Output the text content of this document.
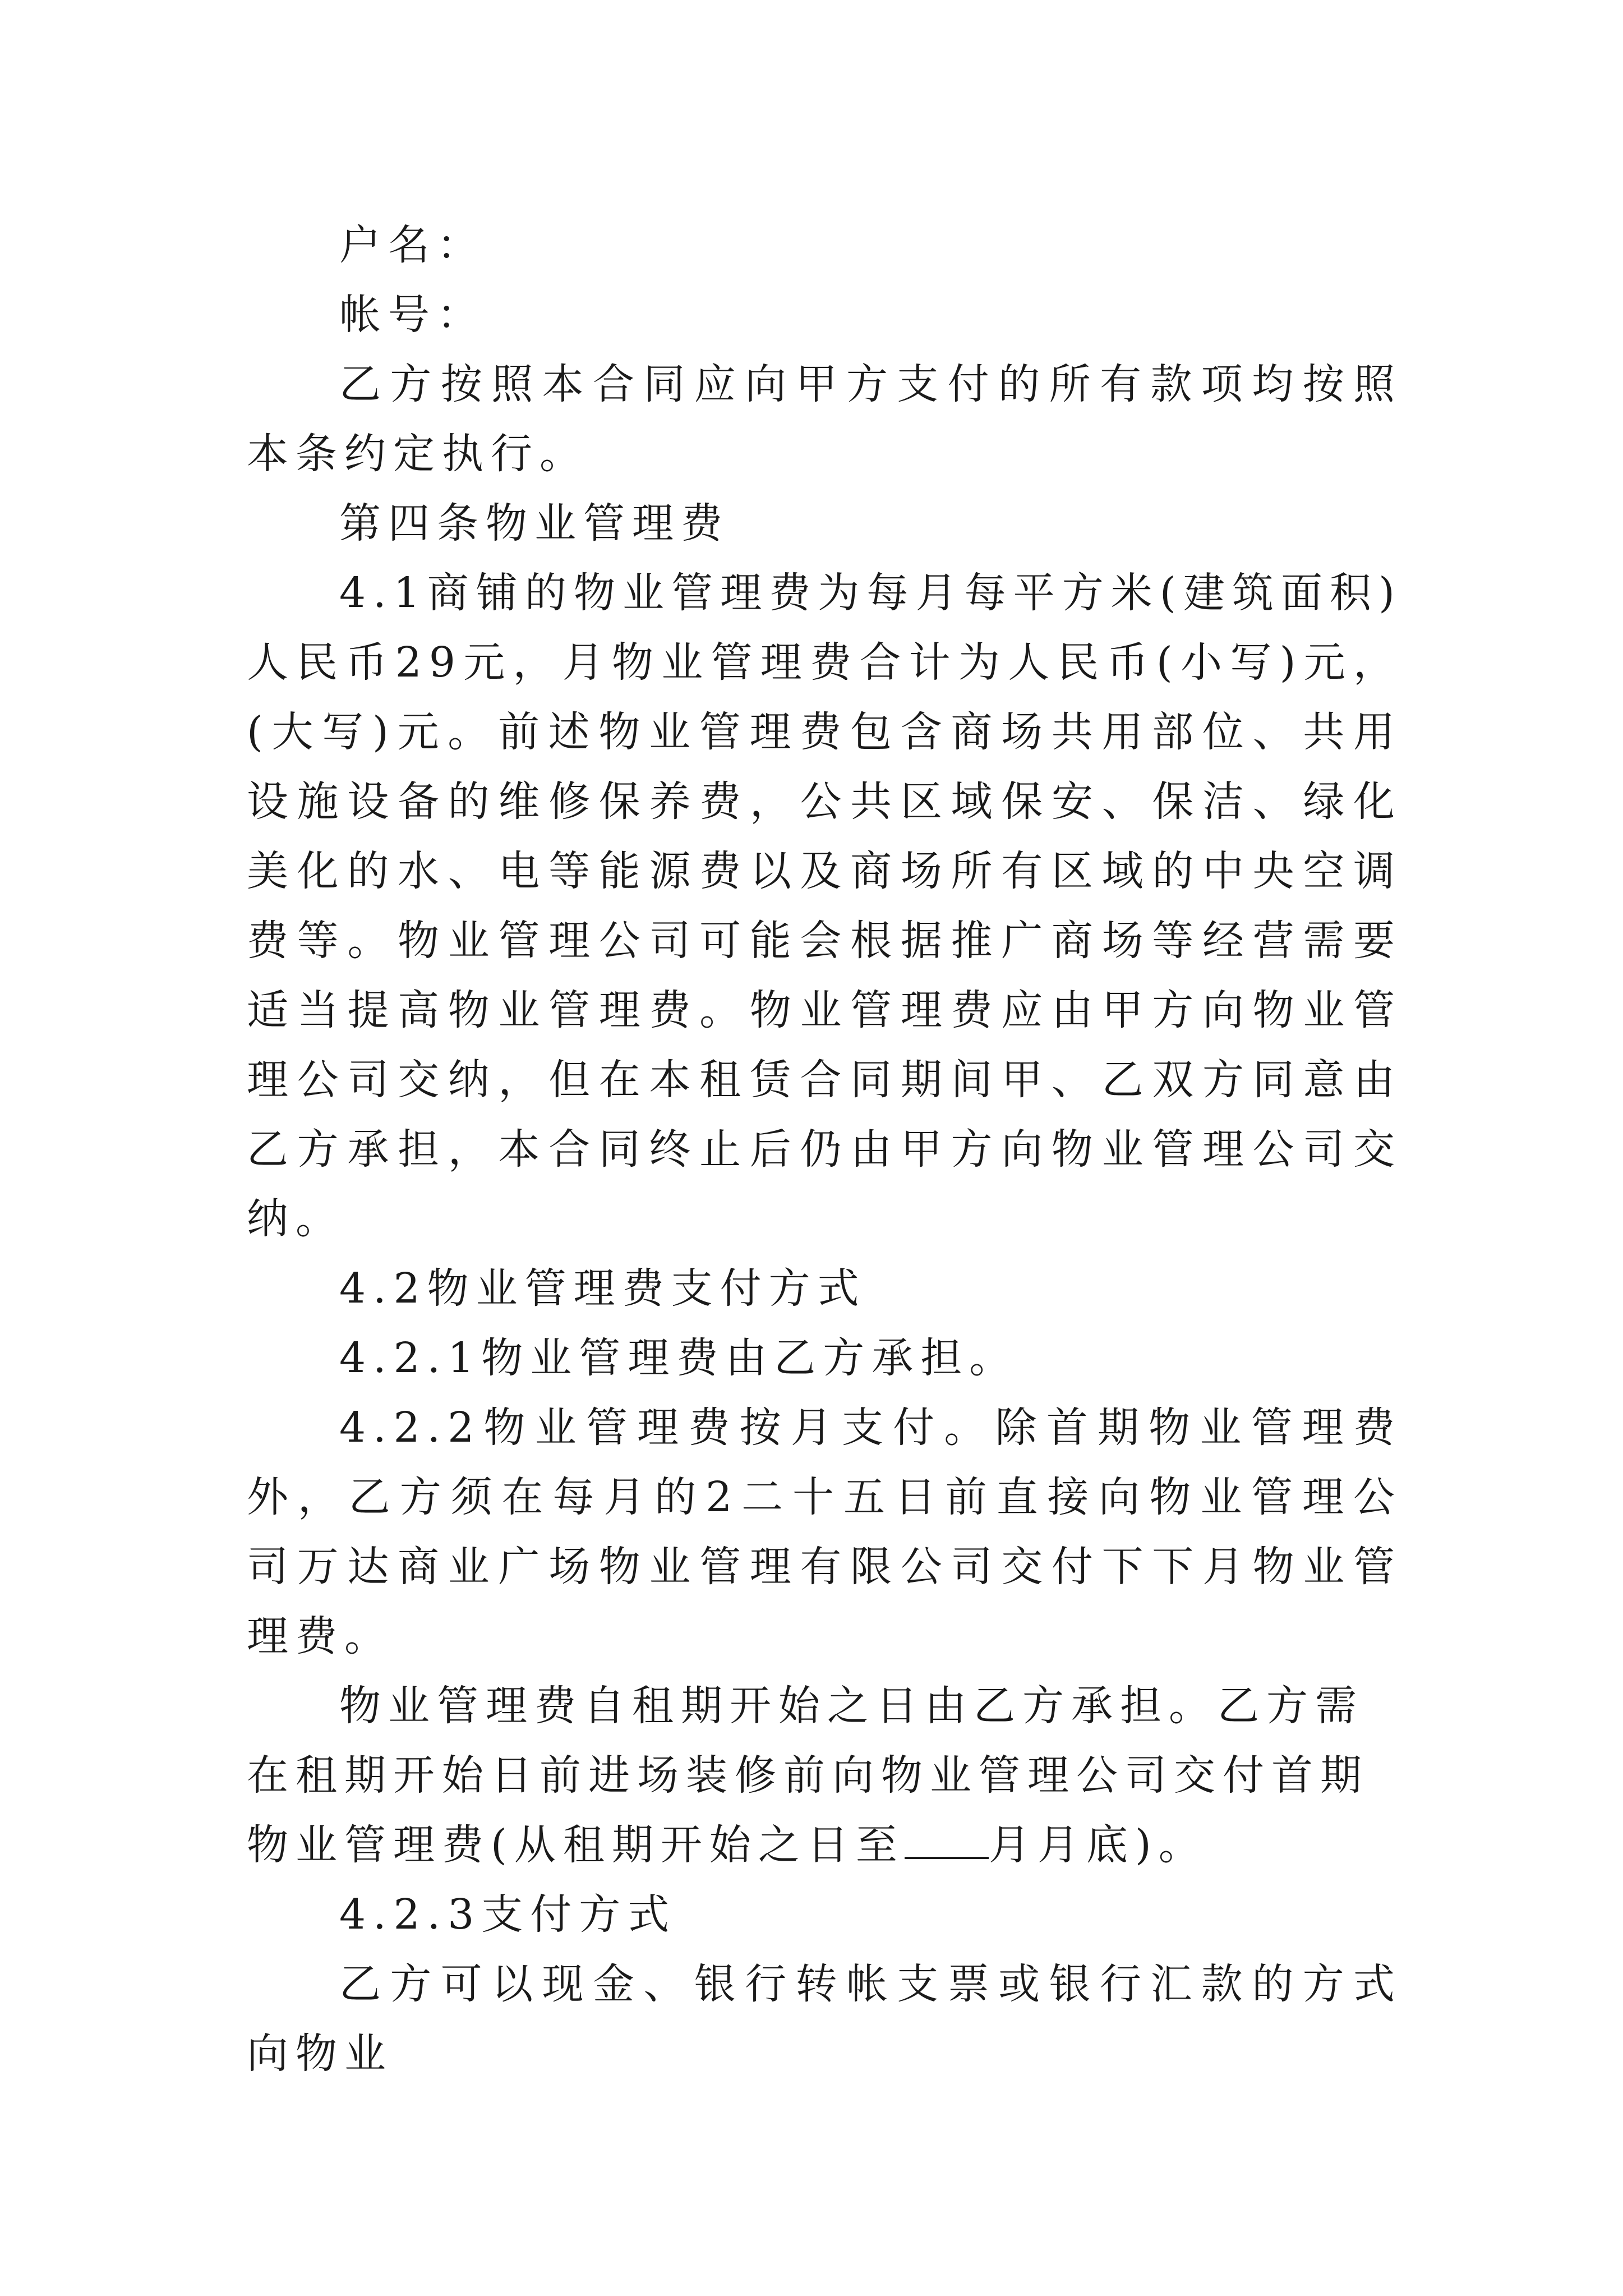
户名：

帐号：

乙方按照本合同应向甲方支付的所有款项均按照本条约定执行。

第四条物业管理费

4.1商铺的物业管理费为每月每平方米(建筑面积)人民币29元，月物业管理费合计为人民币(小写)元，(大写)元。前述物业管理费包含商场共用部位、共用设施设备的维修保养费，公共区域保安、保洁、绿化美化的水、电等能源费以及商场所有区域的中央空调费等。物业管理公司可能会根据推广商场等经营需要适当提高物业管理费。物业管理费应由甲方向物业管理公司交纳，但在本租赁合同期间甲、乙双方同意由乙方承担，本合同终止后仍由甲方向物业管理公司交纳。

4.2物业管理费支付方式

4.2.1物业管理费由乙方承担。

4.2.2物业管理费按月支付。除首期物业管理费外，乙方须在每月的2二十五日前直接向物业管理公司万达商业广场物业管理有限公司交付下下月物业管理费。

物业管理费自租期开始之日由乙方承担。乙方需在租期开始日前进场装修前向物业管理公司交付首期物业管理费(从租期开始之日至 月月底)。

4.2.3支付方式

乙方可以现金、银行转帐支票或银行汇款的方式向物业
